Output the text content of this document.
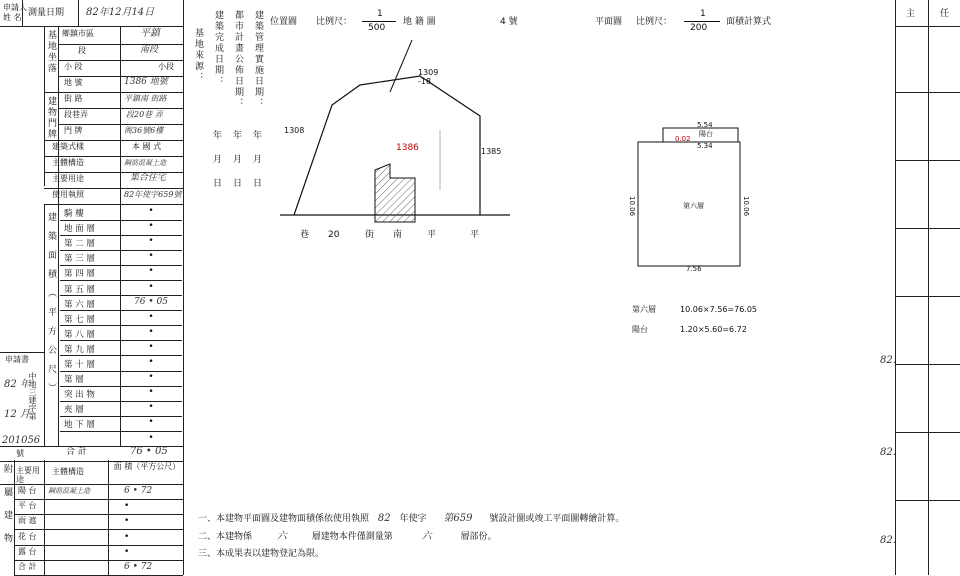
申請人
姓 名 測量日期 82年12月14日
基地坐落 鄉鎮市區	平鎮
段	南段
小 段	小段
地 號	1386 地號
建物門牌 街 路	平鎮南 街路
段巷弄	段20巷 弄
門 牌	衖36號6樓
建築式樣	本 國 式
主體構造	鋼筋混凝土造
主要用途	集合住宅
使用執照	82年使字659號
建築面積（平方公尺） 騎 樓	•
地 面 層	•
第 二 層	•
第 三 層	•
第 四 層	•
第 五 層	•
第 六 層	76 • 05
第 七 層	•
第 八 層	•
第 九 層	•
第 十 層	•
第 層	•
突 出 物	•
夾 層	•
地 下 層	•
•
合 計	76 • 05
申請書
82 年
中地三建字第
12 月
201056
號
附屬建物 主要用途
主體構造
面 積（平方公尺）
陽 台 鋼筋混凝土造	6 • 72
平 台	•
雨 遮	•
花 台	•
露 台	•
合 計	6 • 72
基地來源： 建築完成日期： 都市計畫公佈日期： 建築管理實施日期：
年
月
日
年
月
日
年
月
日
位置圖 比例尺：
1
500
地 籍 圖	4 號
1309
-18
1308
1386	1385
巷 20	街 南	平	平
平面圖 比例尺：
1
200
面積計算式
5.54
0.02
5.34
陽台
10.06	10.06
7.56
第六層
第六層	10.06×7.56=76.05
陽台	1.20×5.60=6.72
一、本建物平面圖及建物面積係依使用執照 82 年使字 第659 號設計圖或竣工平面圖轉繪計算。
二、本建物係 六	層建物本件僅測量第	六	層部份。
三、本成果表以建物登記為限。
主	任
82.
82.
82.
